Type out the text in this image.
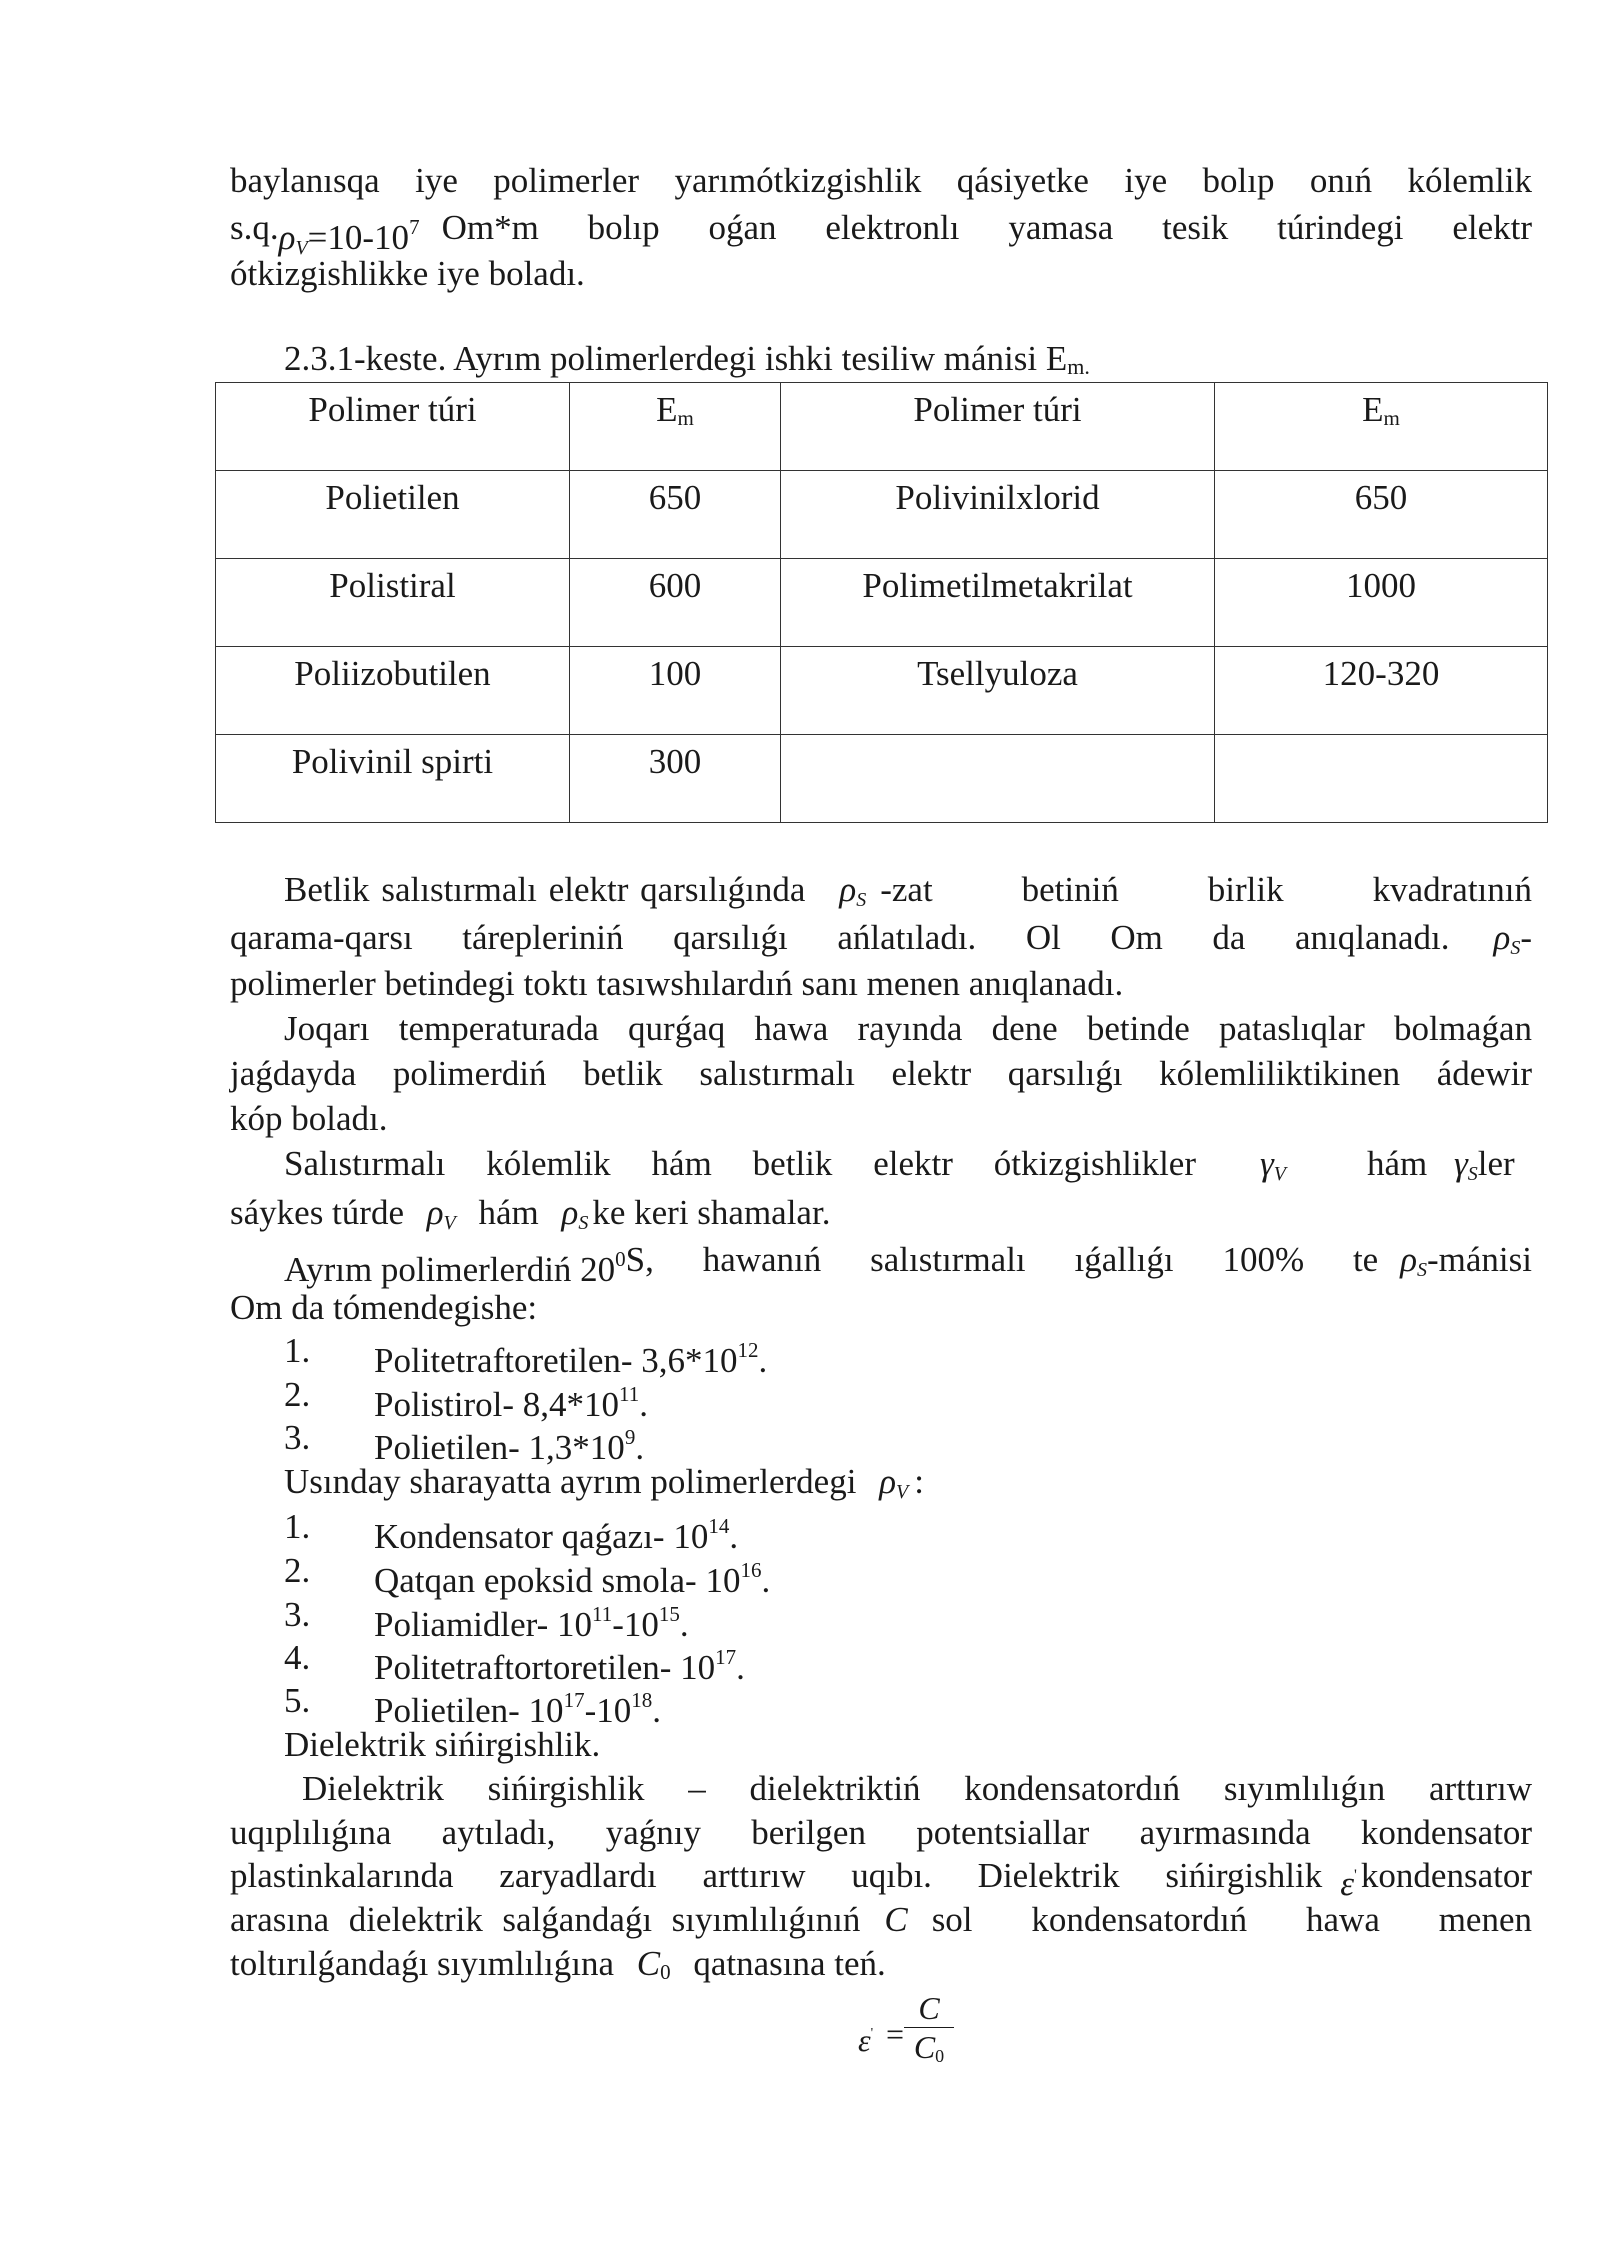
baylanısqa iye polimerler yarımótkizgishlik qásiyetke iye bolıp onıń kólemlik
s.q. $\rho_V=10-10^7$ Om*m bolıp oǵan elektronlı yamasa tesik túrindegi elektr
ótkizgishlikke iye boladı.
2.3.1-keste. Ayrım polimerlerdegi ishki tesiliw mánisi Em.
Polimer túri	Em	Polimer túri	Em

Polietilen	650	Polivinilxlorid	650

Polistiral	600	Polimetilmetakrilat	1000

Poliizobutilen	100	Tsellyuloza	120-320

Polivinil spirti	300		

Betlik salıstırmalı elektr qarsılıǵında $\rho_S$ -zat betiniń birlik kvadratınıń
qarama-qarsı tárepleriniń qarsılıǵı ańlatıladı. Ol Om da anıqlanadı. $\rho_S-$
polimerler betindegi toktı tasıwshılardıń sanı menen anıqlanadı.
Joqarı temperaturada qurǵaq hawa rayında dene betinde pataslıqlar bolmaǵan
jaǵdayda polimerdiń betlik salıstırmalı elektr qarsılıǵı kólemliliktikinen ádewir
kóp boladı.
Salıstırmalı kólemlik hám betlik elektr ótkizgishlikler $\gamma_V$ hám $\gamma_Sler$
sáykes túrde $\rho_V$ hám $\rho_S$ ke keri shamalar.
Ayrım polimerlerdiń $20^0$ S, hawanıń salıstırmalı ıǵallıǵı 100% te $\rho_S$-mánisi
Om da tómendegishe:
1. Politetraftoretilen- $3,6*10^{12}$.
2. Polistirol- $8,4*10^{11}$.
3. Polietilen- $1,3*10^9$.
Usınday sharayatta ayrım polimerlerdegi $\rho_V$ :
1. Kondensator qaǵazı- $10^{14}$.
2. Qatqan epoksid smola- $10^{16}$.
3. Poliamidler- $10^{11}-10^{15}$.
4. Politetraftortoretilen- $10^{17}$.
5. Polietilen- $10^{17}-10^{18}$.
Dielektrik sińirgishlik.
Dielektrik sińirgishlik – dielektriktiń kondensatordıń sıyımlılıǵın arttırıw
uqıplılıǵına aytıladı, yaǵnıy berilgen potentsiallar ayırmasında kondensator
plastinkalarında zaryadlardı arttırıw uqıbı. Dielektrik sińirgishlik ε' kondensator
arasına dielektrik salǵandaǵı sıyımlılıǵınıń C sol kondensatordıń hawa menen
toltırılǵandaǵı sıyımlılıǵına C0 qatnasına teń.
ε' =
C
C0
